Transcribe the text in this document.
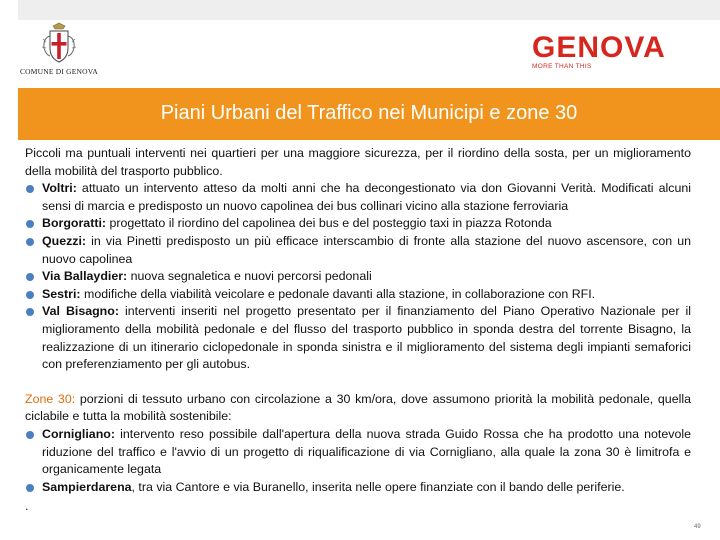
COMUNE DI GENOVA
GENOVA
MORE THAN THIS
Piani Urbani del Traffico nei Municipi e zone 30

Piccoli ma puntuali interventi nei quartieri per una maggiore sicurezza, per il riordino della sosta, per un miglioramento della mobilità del trasporto pubblico.

Voltri: attuato un intervento atteso da molti anni che ha decongestionato via don Giovanni Verità. Modificati alcuni sensi di marcia e predisposto un nuovo capolinea dei bus collinari vicino alla stazione ferroviaria
Borgoratti: progettato il riordino del capolinea dei bus e del posteggio taxi in piazza Rotonda
Quezzi: in via Pinetti predisposto un più efficace interscambio di fronte alla stazione del nuovo ascensore, con un nuovo capolinea
Via Ballaydier: nuova segnaletica e nuovi percorsi pedonali
Sestri: modifiche della viabilità veicolare e pedonale davanti alla stazione, in collaborazione con RFI.
Val Bisagno: interventi inseriti nel progetto presentato per il finanziamento del Piano Operativo Nazionale per il miglioramento della mobilità pedonale e del flusso del trasporto pubblico in sponda destra del torrente Bisagno, la realizzazione di un itinerario ciclopedonale in sponda sinistra e il miglioramento del sistema degli impianti semaforici con preferenziamento per gli autobus.

Zone 30: porzioni di tessuto urbano con circolazione a 30 km/ora, dove assumono priorità la mobilità pedonale, quella ciclabile e tutta la mobilità sostenibile:

Cornigliano: intervento reso possibile dall'apertura della nuova strada Guido Rossa che ha prodotto una notevole riduzione del traffico e l'avvio di un progetto di riqualificazione di via Cornigliano, alla quale la zona 30 è limitrofa e organicamente legata
Sampierdarena, tra via Cantore e via Buranello, inserita nelle opere finanziate con il bando delle periferie.
.
49
